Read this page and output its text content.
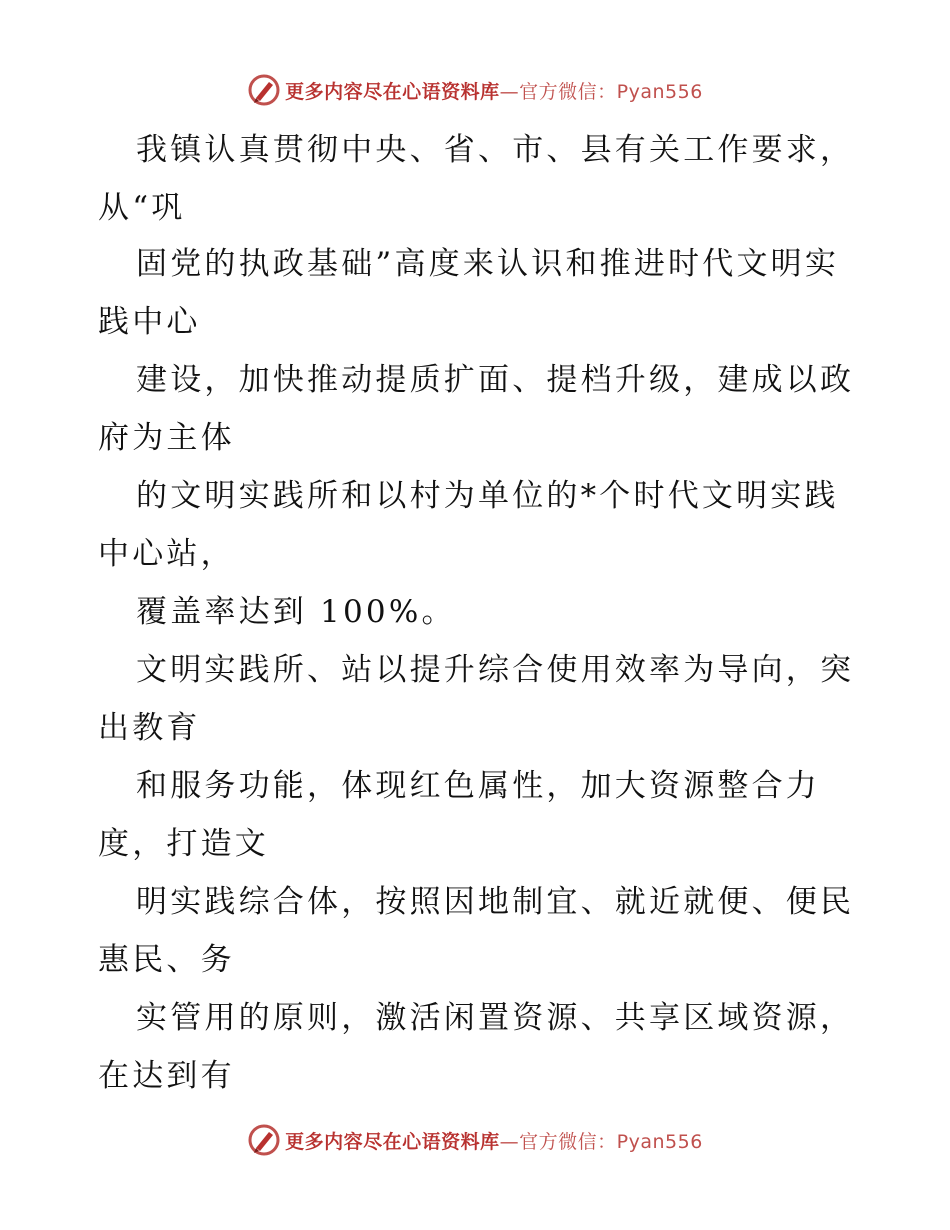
更多内容尽在心语资料库—官方微信：Pyan556
我镇认真贯彻中央、省、市、县有关工作要求，
从“巩
固党的执政基础”高度来认识和推进时代文明实
践中心
建设，加快推动提质扩面、提档升级，建成以政
府为主体
的文明实践所和以村为单位的*个时代文明实践
中心站，
覆盖率达到 100%。
文明实践所、站以提升综合使用效率为导向，突
出教育
和服务功能，体现红色属性，加大资源整合力
度，打造文
明实践综合体，按照因地制宜、就近就便、便民
惠民、务
实管用的原则，激活闲置资源、共享区域资源，
在达到有
更多内容尽在心语资料库—官方微信：Pyan556
